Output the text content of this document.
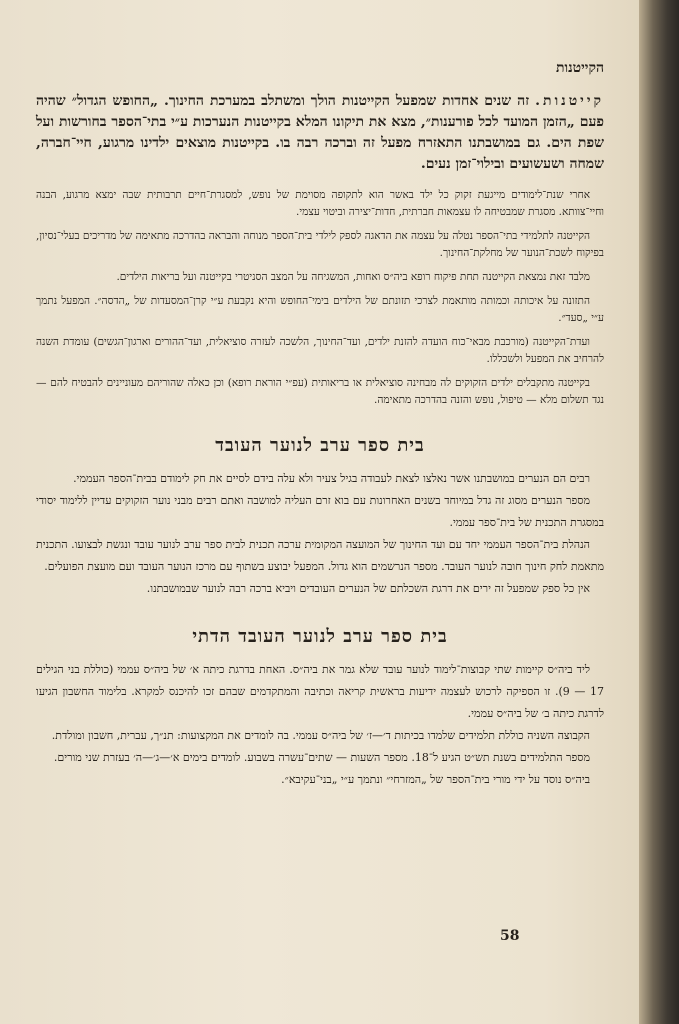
הקייטנות

קייטנות. זה שנים אחדות שמפעל הקייטנות הולך ומשתלב במערכת החינוך. „החופש הגדול״ שהיה פעם „הזמן המועד לכל פורענות״, מצא את תיקונו המלא בקייטנות הנערכות ע״י בתי־הספר בחורשות ועל שפת הים. גם במושבתנו התאזרח מפעל זה וברכה רבה בו. בקייטנות מוצאים ילדינו מרגוע, חיי־חברה, שמחה ושעשועים ובילוי־זמן נעים.

אחרי שנת־לימודים מייגעת זקוק כל ילד באשר הוא לתקופה מסוימת של נופש, למסגרת־חיים תרבותית שבה ימצא מרגוע, הבנה וחיי־צוותא. מסגרת שמבטיחה לו עצמאות חברתית, חדות־יצירה וביטוי עצמי.

הקייטנה לתלמידי בתי־הספר נטלה על עצמה את הדאגה לספק לילדי בית־הספר מנוחה והבראה בהדרכה מתאימה של מדריכים בעלי־נסיון, בפיקוח לשכת־הנוער של מחלקת־החינוך.

מלבד זאת נמצאת הקייטנה תחת פיקוח רופא ביה״ס ואחות, המשגיחה על המצב הסניטרי בקייטנה ועל בריאות הילדים.

התזונה על איכותה וכמותה מותאמת לצרכי תזונתם של הילדים בימי־החופש והיא נקבעת ע״י קרן־המסעדות של „הדסה״. המפעל נתמך ע״י „סעד״.

ועדת־הקייטנה (מורכבת מבאי־כוח הועדה להזנת ילדים, ועד־החינוך, הלשכה לעזרה סוציאלית, ועד־ההורים וארגון־הגשים) עומדת השנה להרחיב את המפעל ולשכללו.

בקייטנה מתקבלים ילדים הזקוקים לה מבחינה סוציאלית או בריאותית (עפ״י הוראת רופא) וכן כאלה שהוריהם מעוניינים להבטיח להם — נגד תשלום מלא — טיפול, נופש והזנה בהדרכה מתאימה.

בית ספר ערב לנוער העובד

רבים הם הנערים במושבתנו אשר נאלצו לצאת לעבודה בגיל צעיר ולא עלה בידם לסיים את חק לימודם בבית־הספר העממי.

מספר הנערים מסוג זה גדל במיוחד בשנים האחרונות עם בוא זרם העליה למושבה ואתם רבים מבני נוער הזקוקים עדיין ללימוד יסודי במסגרת התכנית של בית־ספר עממי.

הנהלת בית־הספר העממי יחד עם ועד החינוך של המועצה המקומית ערכה תכנית לבית ספר ערב לנוער עובד ונגשת לבצועו. התכנית מתאמת לחק חינוך חובה לנוער העובד. מספר הנרשמים הוא גדול. המפעל יבוצע בשתוף עם מרכז הנוער העובד ועם מועצת הפועלים.

אין כל ספק שמפעל זה ירים את דרגת השכלתם של הנערים העובדים ויביא ברכה רבה לנוער שבמושבתנו.

בית ספר ערב לנוער העובד הדתי

ליד ביה״ס קיימות שתי קבוצות־לימוד לנוער עובד שלא גמר את ביה״ס. האחת בדרגת כיתה א׳ של ביה״ס עממי (כוללת בני הגילים 17 — 9). זו הספיקה לרכוש לעצמה ידיעות בראשית קריאה וכתיבה והמתקדמים שבהם זכו להיכנס למקרא. בלימוד החשבון הגיעו לדרגת כיתה ב׳ של ביה״ס עממי.

הקבוצה השניה כוללת תלמידים שלמדו בכיתות ד׳—ז׳ של ביה״ס עממי. בה לומדים את המקצועות: תנ״ך, עברית, חשבון ומולדת.

מספר התלמידים בשנת תש״ט הגיע ל־18. מספר השעות — שתים־עשרה בשבוע. לומדים בימים א׳—ג׳—ה׳ בעזרת שני מורים.

ביה״ס נוסד על ידי מורי בית־הספר של „המזרחי״ ונתמך ע״י „בני־עקיבא״.

58
